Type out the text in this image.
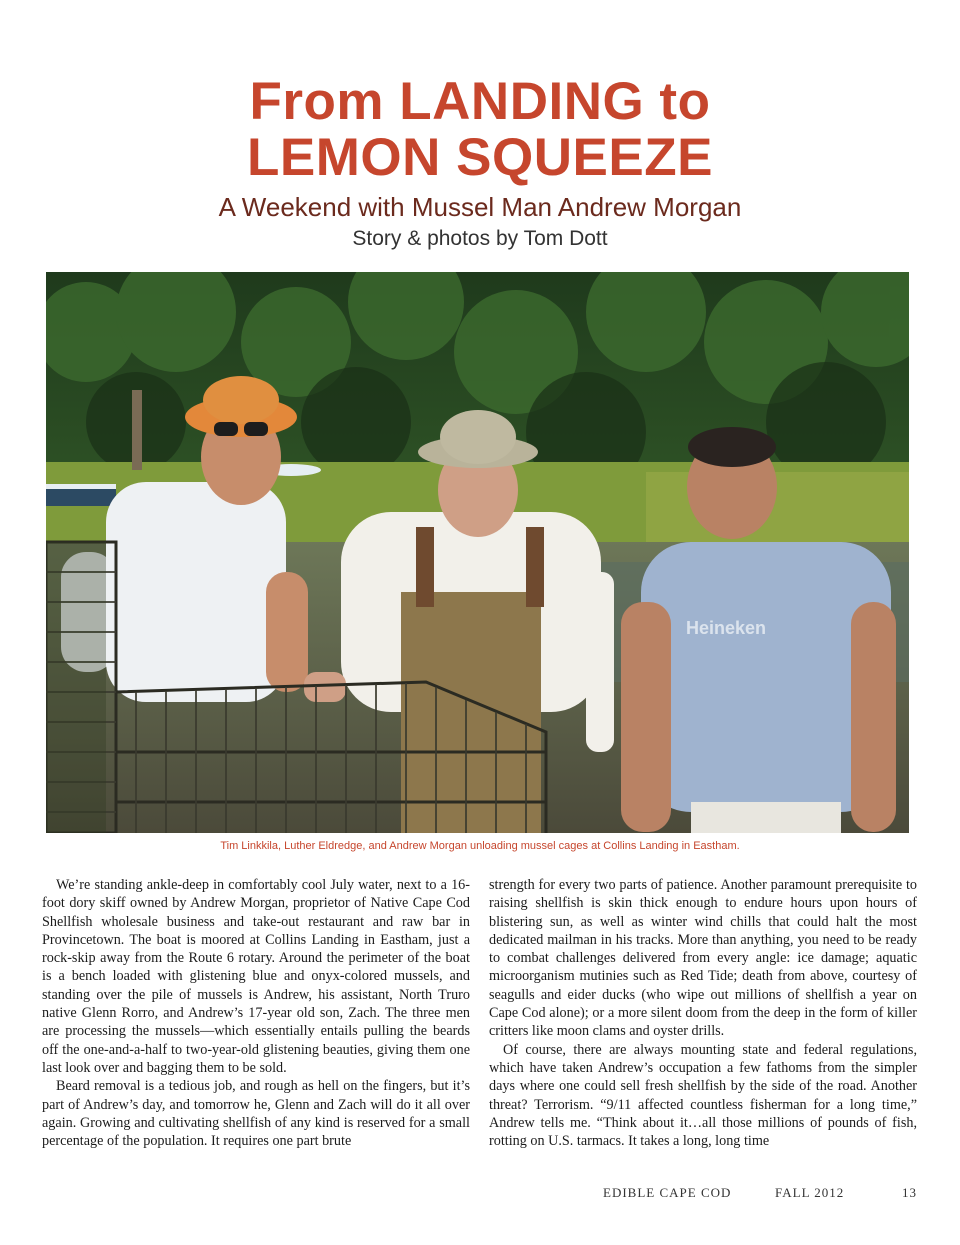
From LANDING to
LEMON SQUEEZE
A Weekend with Mussel Man Andrew Morgan
Story & photos by Tom Dott
Heineken
Tim Linkkila, Luther Eldredge, and Andrew Morgan unloading mussel cages at Collins Landing in Eastham.

We’re standing ankle-deep in comfortably cool July water, next to a 16-foot dory skiff owned by Andrew Morgan, proprietor of Native Cape Cod Shellfish wholesale business and take-out restaurant and raw bar in Provincetown. The boat is moored at Collins Landing in Eastham, just a rock-skip away from the Route 6 rotary. Around the perimeter of the boat is a bench loaded with glistening blue and onyx-colored mussels, and standing over the pile of mussels is Andrew, his assistant, North Truro native Glenn Rorro, and Andrew’s 17-year old son, Zach. The three men are processing the mussels—which essentially entails pulling the beards off the one-and-a-half to two-year-old glistening beauties, giving them one last look over and bagging them to be sold.

Beard removal is a tedious job, and rough as hell on the fingers, but it’s part of Andrew’s day, and tomorrow he, Glenn and Zach will do it all over again. Growing and cultivating shellfish of any kind is reserved for a small percentage of the population. It requires one part brute

strength for every two parts of patience. Another paramount prerequisite to raising shellfish is skin thick enough to endure hours upon hours of blistering sun, as well as winter wind chills that could halt the most dedicated mailman in his tracks. More than anything, you need to be ready to combat challenges delivered from every angle: ice damage; aquatic microorganism mutinies such as Red Tide; death from above, courtesy of seagulls and eider ducks (who wipe out millions of shellfish a year on Cape Cod alone); or a more silent doom from the deep in the form of killer critters like moon clams and oyster drills.

Of course, there are always mounting state and federal regulations, which have taken Andrew’s occupation a few fathoms from the simpler days where one could sell fresh shellfish by the side of the road. Another threat? Terrorism. “9/11 affected countless fisherman for a long time,” Andrew tells me. “Think about it…all those millions of pounds of fish, rotting on U.S. tarmacs. It takes a long, long time

EDIBLE CAPE COD	FALL 2012	13
